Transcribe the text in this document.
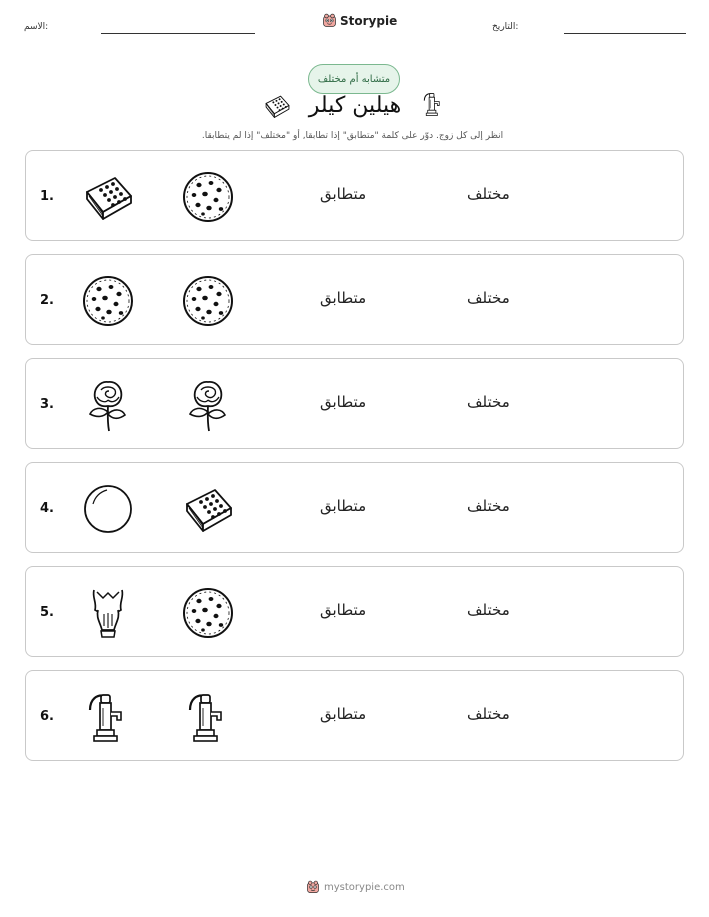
الاسم:	Storypie	التاريخ:
متشابه أم مختلف
هيلين كيلر
انظر إلى كل زوج. دوّر على كلمة "متطابق" إذا تطابقا, أو "مختلف" إذا لم يتطابقا.
1.	متطابق	مختلف
2.	متطابق	مختلف
3.	متطابق	مختلف
4.	متطابق	مختلف
5.	متطابق	مختلف
6.	متطابق	مختلف
mystorypie.com
